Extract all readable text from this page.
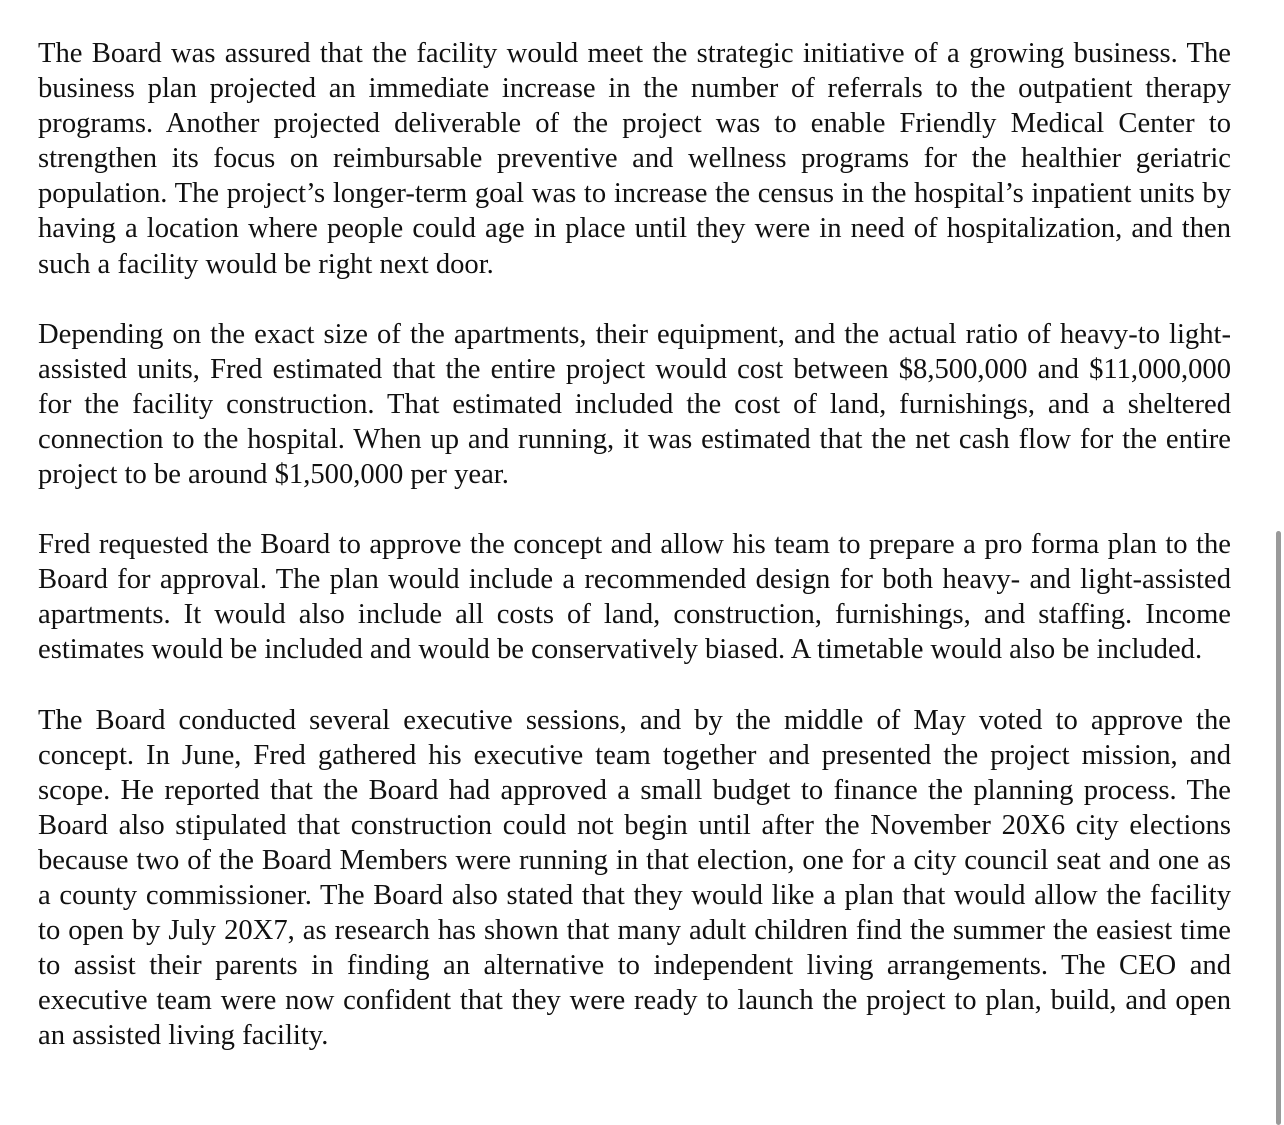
The Board was assured that the facility would meet the strategic initiative of a growing business. The business plan projected an immediate increase in the number of referrals to the outpatient therapy programs. Another projected deliverable of the project was to enable Friendly Medical Center to strengthen its focus on reimbursable preventive and wellness programs for the healthier geriatric population. The project’s longer-term goal was to increase the census in the hospital’s inpatient units by having a location where people could age in place until they were in need of hospitalization, and then such a facility would be right next door.

Depending on the exact size of the apartments, their equipment, and the actual ratio of heavy-to light-assisted units, Fred estimated that the entire project would cost between $8,500,000 and $11,000,000 for the facility construction. That estimated included the cost of land, furnishings, and a sheltered connection to the hospital. When up and running, it was estimated that the net cash flow for the entire project to be around $1,500,000 per year.

Fred requested the Board to approve the concept and allow his team to prepare a pro forma plan to the Board for approval. The plan would include a recommended design for both heavy- and light-assisted apartments. It would also include all costs of land, construction, furnishings, and staffing. Income estimates would be included and would be conservatively biased. A timetable would also be included.

The Board conducted several executive sessions, and by the middle of May voted to approve the concept. In June, Fred gathered his executive team together and presented the project mission, and scope. He reported that the Board had approved a small budget to finance the planning process. The Board also stipulated that construction could not begin until after the November 20X6 city elections because two of the Board Members were running in that election, one for a city council seat and one as a county commissioner. The Board also stated that they would like a plan that would allow the facility to open by July 20X7, as research has shown that many adult children find the summer the easiest time to assist their parents in finding an alternative to independent living arrangements. The CEO and executive team were now confident that they were ready to launch the project to plan, build, and open an assisted living facility.
